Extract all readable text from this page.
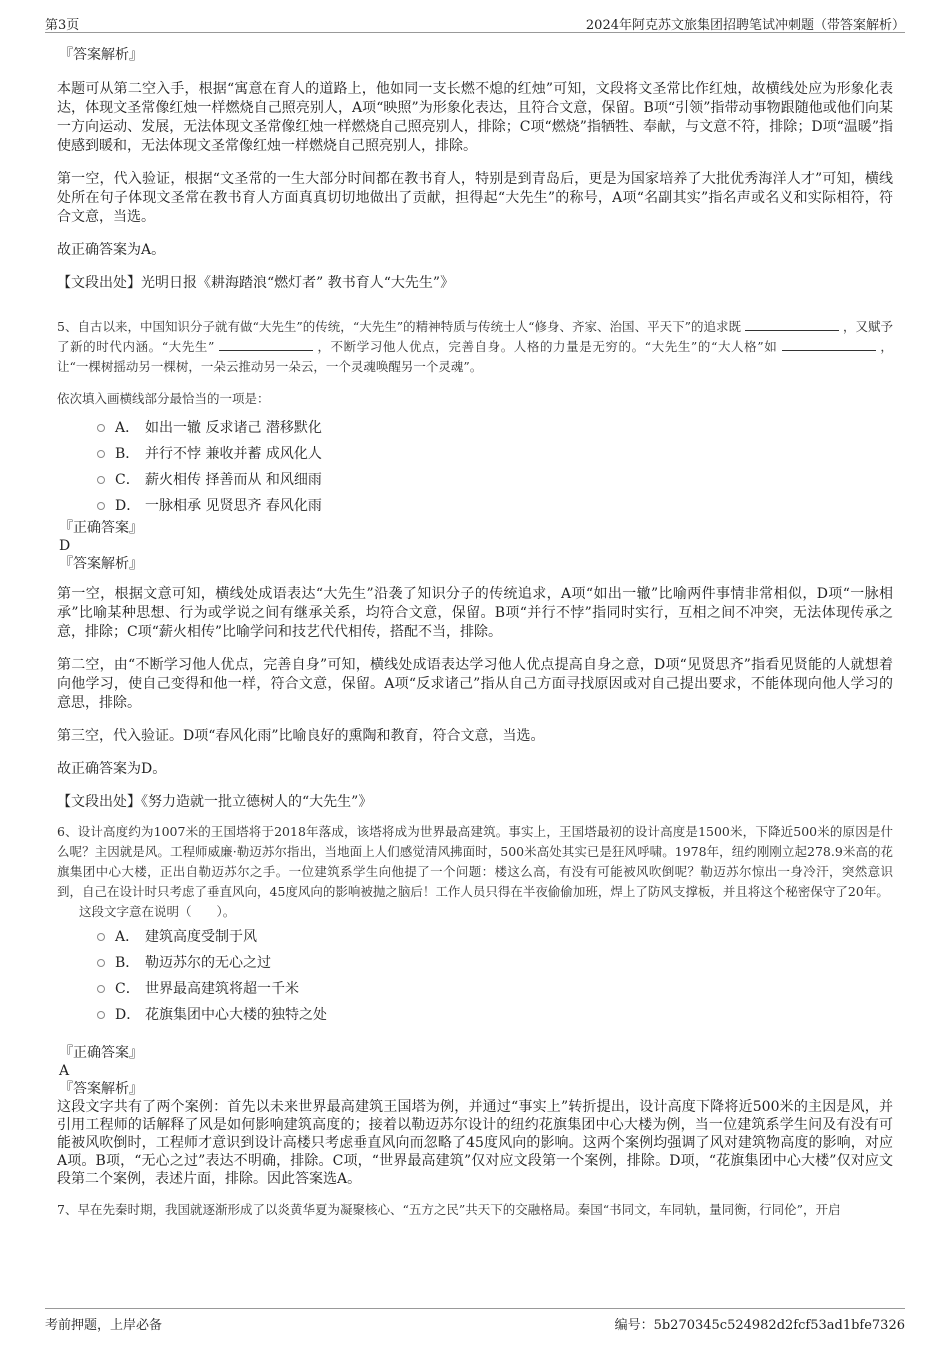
第3页	2024年阿克苏文旅集团招聘笔试冲刺题（带答案解析）
『答案解析』

本题可从第二空入手，根据“寓意在育人的道路上，他如同一支长燃不熄的红烛”可知，文段将文圣常比作红烛，故横线处应为形象化表达，体现文圣常像红烛一样燃烧自己照亮别人，A项“映照”为形象化表达，且符合文意，保留。B项“引领”指带动事物跟随他或他们向某一方向运动、发展，无法体现文圣常像红烛一样燃烧自己照亮别人，排除；C项“燃烧”指牺牲、奉献，与文意不符，排除；D项“温暖”指使感到暖和，无法体现文圣常像红烛一样燃烧自己照亮别人，排除。

第一空，代入验证，根据“文圣常的一生大部分时间都在教书育人，特别是到青岛后，更是为国家培养了大批优秀海洋人才”可知，横线处所在句子体现文圣常在教书育人方面真真切切地做出了贡献，担得起“大先生”的称号，A项“名副其实”指名声或名义和实际相符，符合文意，当选。

故正确答案为A。

【文段出处】光明日报《耕海踏浪“燃灯者” 教书育人“大先生”》

5、自古以来，中国知识分子就有做“大先生”的传统，“大先生”的精神特质与传统士人“修身、齐家、治国、平天下”的追求既	，又赋予了新的时代内涵。“大先生”	，不断学习他人优点，完善自身。人格的力量是无穷的。“大先生”的“大人格”如	，让“一棵树摇动另一棵树，一朵云推动另一朵云，一个灵魂唤醒另一个灵魂”。

依次填入画横线部分最恰当的一项是：

A． 如出一辙 反求诸己 潜移默化
B． 并行不悖 兼收并蓄 成风化人
C． 薪火相传 择善而从 和风细雨
D． 一脉相承 见贤思齐 春风化雨
『正确答案』
D
『答案解析』

第一空，根据文意可知，横线处成语表达“大先生”沿袭了知识分子的传统追求，A项“如出一辙”比喻两件事情非常相似，D项“一脉相承”比喻某种思想、行为或学说之间有继承关系，均符合文意，保留。B项“并行不悖”指同时实行，互相之间不冲突，无法体现传承之意，排除；C项“薪火相传”比喻学问和技艺代代相传，搭配不当，排除。

第二空，由“不断学习他人优点，完善自身”可知，横线处成语表达学习他人优点提高自身之意，D项“见贤思齐”指看见贤能的人就想着向他学习，使自己变得和他一样，符合文意，保留。A项“反求诸己”指从自己方面寻找原因或对自己提出要求，不能体现向他人学习的意思，排除。

第三空，代入验证。D项“春风化雨”比喻良好的熏陶和教育，符合文意，当选。

故正确答案为D。

【文段出处】《努力造就一批立德树人的“大先生”》

6、设计高度约为1007米的王国塔将于2018年落成，该塔将成为世界最高建筑。事实上，王国塔最初的设计高度是1500米，下降近500米的原因是什么呢？主因就是风。工程师威廉·勒迈苏尔指出，当地面上人们感觉清风拂面时，500米高处其实已是狂风呼啸。1978年，纽约刚刚立起278.9米高的花旗集团中心大楼，正出自勒迈苏尔之手。一位建筑系学生向他提了一个问题：楼这么高，有没有可能被风吹倒呢？勒迈苏尔惊出一身冷汗，突然意识到，自己在设计时只考虑了垂直风向，45度风向的影响被抛之脑后！工作人员只得在半夜偷偷加班，焊上了防风支撑板，并且将这个秘密保守了20年。

这段文字意在说明（　　）。

A． 建筑高度受制于风
B． 勒迈苏尔的无心之过
C． 世界最高建筑将超一千米
D． 花旗集团中心大楼的独特之处
『正确答案』
A
『答案解析』

这段文字共有了两个案例：首先以未来世界最高建筑王国塔为例，并通过“事实上”转折提出，设计高度下降将近500米的主因是风，并引用工程师的话解释了风是如何影响建筑高度的；接着以勒迈苏尔设计的纽约花旗集团中心大楼为例，当一位建筑系学生问及有没有可能被风吹倒时，工程师才意识到设计高楼只考虑垂直风向而忽略了45度风向的影响。这两个案例均强调了风对建筑物高度的影响，对应A项。B项，“无心之过”表达不明确，排除。C项，“世界最高建筑”仅对应文段第一个案例，排除。D项，“花旗集团中心大楼”仅对应文段第二个案例，表述片面，排除。因此答案选A。

7、早在先秦时期，我国就逐渐形成了以炎黄华夏为凝聚核心、“五方之民”共天下的交融格局。秦国“书同文，车同轨，量同衡，行同伦”，开启

考前押题，上岸必备	编号：5b270345c524982d2fcf53ad1bfe7326
